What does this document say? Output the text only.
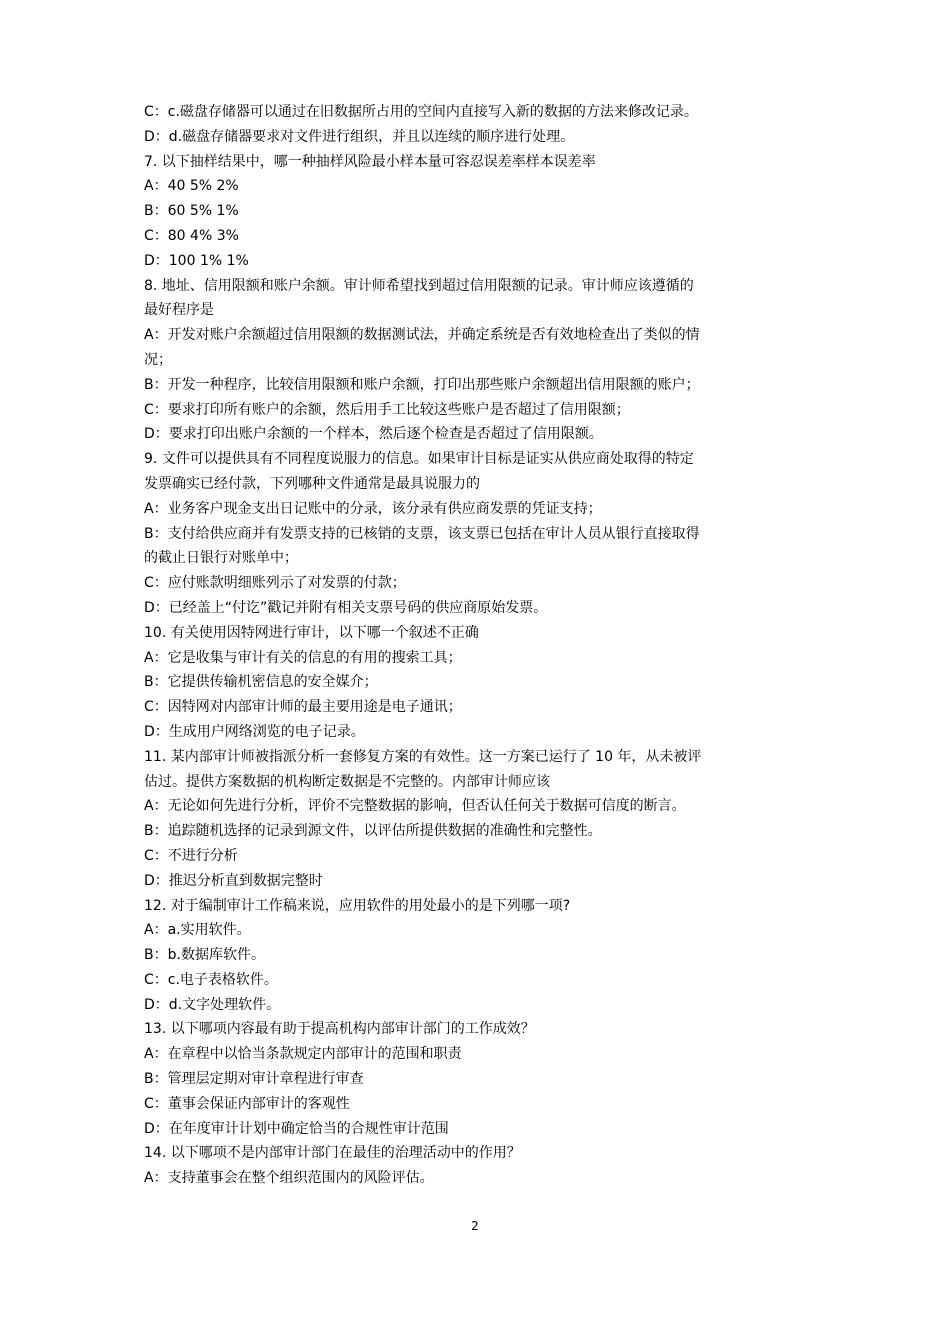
C：c.磁盘存储器可以通过在旧数据所占用的空间内直接写入新的数据的方法来修改记录。
D：d.磁盘存储器要求对文件进行组织，并且以连续的顺序进行处理。
7. 以下抽样结果中，哪一种抽样风险最小样本量可容忍误差率样本误差率
A：40 5% 2%
B：60 5% 1%
C：80 4% 3%
D：100 1% 1%
8. 地址、信用限额和账户余额。审计师希望找到超过信用限额的记录。审计师应该遵循的
最好程序是
A：开发对账户余额超过信用限额的数据测试法，并确定系统是否有效地检查出了类似的情
况；
B：开发一种程序，比较信用限额和账户余额，打印出那些账户余额超出信用限额的账户；
C：要求打印所有账户的余额，然后用手工比较这些账户是否超过了信用限额；
D：要求打印出账户余额的一个样本，然后逐个检查是否超过了信用限额。
9. 文件可以提供具有不同程度说服力的信息。如果审计目标是证实从供应商处取得的特定
发票确实已经付款，下列哪种文件通常是最具说服力的
A：业务客户现金支出日记账中的分录，该分录有供应商发票的凭证支持；
B：支付给供应商并有发票支持的已核销的支票，该支票已包括在审计人员从银行直接取得
的截止日银行对账单中；
C：应付账款明细账列示了对发票的付款；
D：已经盖上“付讫”戳记并附有相关支票号码的供应商原始发票。
10. 有关使用因特网进行审计，以下哪一个叙述不正确
A：它是收集与审计有关的信息的有用的搜索工具；
B：它提供传输机密信息的安全媒介；
C：因特网对内部审计师的最主要用途是电子通讯；
D：生成用户网络浏览的电子记录。
11. 某内部审计师被指派分析一套修复方案的有效性。这一方案已运行了 10 年，从未被评
估过。提供方案数据的机构断定数据是不完整的。内部审计师应该
A：无论如何先进行分析，评价不完整数据的影响，但否认任何关于数据可信度的断言。
B：追踪随机选择的记录到源文件，以评估所提供数据的准确性和完整性。
C：不进行分析
D：推迟分析直到数据完整时
12. 对于编制审计工作稿来说，应用软件的用处最小的是下列哪一项?
A：a.实用软件。
B：b.数据库软件。
C：c.电子表格软件。
D：d.文字处理软件。
13. 以下哪项内容最有助于提高机构内部审计部门的工作成效？
A：在章程中以恰当条款规定内部审计的范围和职责
B：管理层定期对审计章程进行审查
C：董事会保证内部审计的客观性
D：在年度审计计划中确定恰当的合规性审计范围
14. 以下哪项不是内部审计部门在最佳的治理活动中的作用？
A：支持董事会在整个组织范围内的风险评估。
2
